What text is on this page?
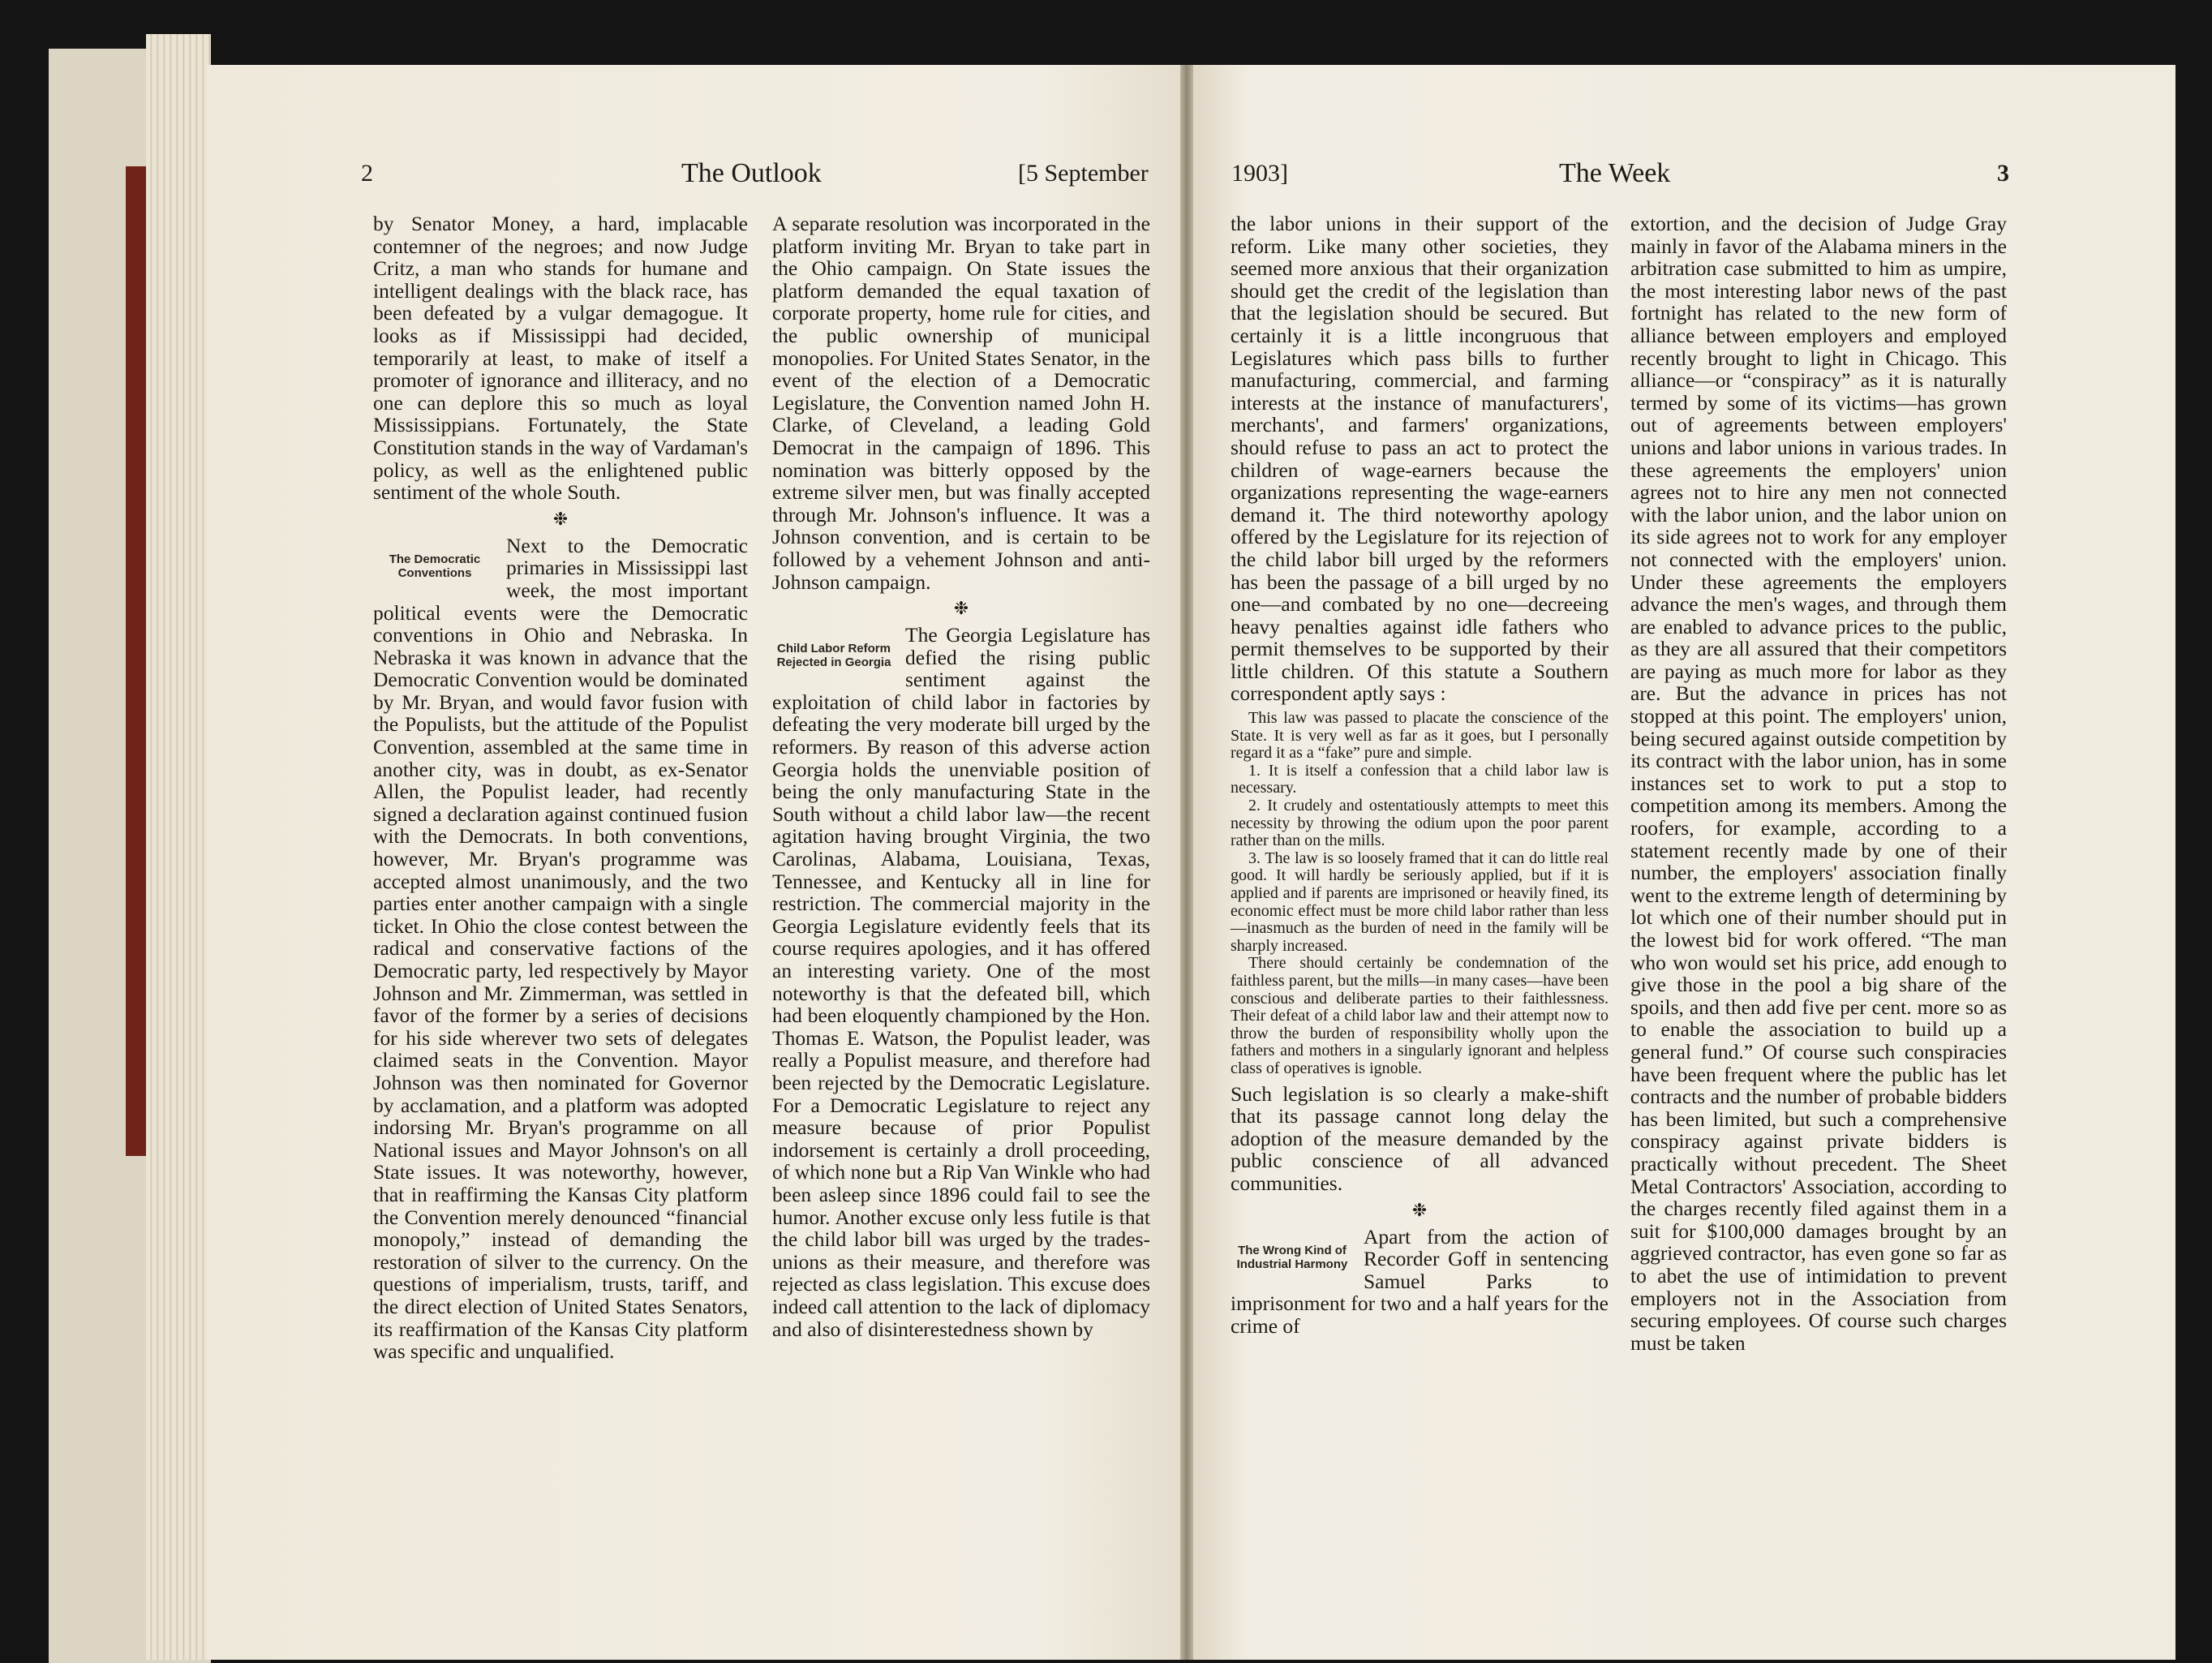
2	The Outlook	[5 September	1903]	The Week	3

by Senator Money, a hard, implacable contemner of the negroes; and now Judge Critz, a man who stands for humane and intelligent dealings with the black race, has been defeated by a vulgar demagogue. It looks as if Mississippi had decided, temporarily at least, to make of itself a promoter of ignorance and illiteracy, and no one can deplore this so much as loyal Mississippians. Fortunately, the State Constitution stands in the way of Vardaman's policy, as well as the enlightened public sentiment of the whole South.

❉
The Democratic Conventions

Next to the Democratic primaries in Mississippi last week, the most important political events were the Democratic conventions in Ohio and Nebraska. In Nebraska it was known in advance that the Democratic Convention would be dominated by Mr. Bryan, and would favor fusion with the Populists, but the attitude of the Populist Convention, assembled at the same time in another city, was in doubt, as ex-Senator Allen, the Populist leader, had recently signed a declaration against continued fusion with the Democrats. In both conventions, however, Mr. Bryan's programme was accepted almost unanimously, and the two parties enter another campaign with a single ticket. In Ohio the close contest between the radical and conservative factions of the Democratic party, led respectively by Mayor Johnson and Mr. Zimmerman, was settled in favor of the former by a series of decisions for his side wherever two sets of delegates claimed seats in the Convention. Mayor Johnson was then nominated for Governor by acclamation, and a platform was adopted indorsing Mr. Bryan's programme on all National issues and Mayor Johnson's on all State issues. It was noteworthy, however, that in reaffirming the Kansas City platform the Convention merely denounced “financial monopoly,” instead of demanding the restoration of silver to the currency. On the questions of imperialism, trusts, tariff, and the direct election of United States Senators, its reaffirmation of the Kansas City platform was specific and unqualified.

A separate resolution was incorporated in the platform inviting Mr. Bryan to take part in the Ohio campaign. On State issues the platform demanded the equal taxation of corporate property, home rule for cities, and the public ownership of municipal monopolies. For United States Senator, in the event of the election of a Democratic Legislature, the Convention named John H. Clarke, of Cleveland, a leading Gold Democrat in the campaign of 1896. This nomination was bitterly opposed by the extreme silver men, but was finally accepted through Mr. Johnson's influence. It was a Johnson convention, and is certain to be followed by a vehement Johnson and anti-Johnson campaign.

❉
Child Labor Reform Rejected in Georgia

The Georgia Legislature has defied the rising public sentiment against the exploitation of child labor in factories by defeating the very moderate bill urged by the reformers. By reason of this adverse action Georgia holds the unenviable position of being the only manufacturing State in the South without a child labor law—the recent agitation having brought Virginia, the two Carolinas, Alabama, Louisiana, Texas, Tennessee, and Kentucky all in line for restriction. The commercial majority in the Georgia Legislature evidently feels that its course requires apologies, and it has offered an interesting variety. One of the most noteworthy is that the defeated bill, which had been eloquently championed by the Hon. Thomas E. Watson, the Populist leader, was really a Populist measure, and therefore had been rejected by the Democratic Legislature. For a Democratic Legislature to reject any measure because of prior Populist indorsement is certainly a droll proceeding, of which none but a Rip Van Winkle who had been asleep since 1896 could fail to see the humor. Another excuse only less futile is that the child labor bill was urged by the trades-unions as their measure, and therefore was rejected as class legislation. This excuse does indeed call attention to the lack of diplomacy and also of disinterestedness shown by

the labor unions in their support of the reform. Like many other societies, they seemed more anxious that their organization should get the credit of the legislation than that the legislation should be secured. But certainly it is a little incongruous that Legislatures which pass bills to further manufacturing, commercial, and farming interests at the instance of manufacturers', merchants', and farmers' organizations, should refuse to pass an act to protect the children of wage-earners because the organizations representing the wage-earners demand it. The third noteworthy apology offered by the Legislature for its rejection of the child labor bill urged by the reformers has been the passage of a bill urged by no one—and combated by no one—decreeing heavy penalties against idle fathers who permit themselves to be supported by their little children. Of this statute a Southern correspondent aptly says :

This law was passed to placate the conscience of the State. It is very well as far as it goes, but I personally regard it as a “fake” pure and simple.

1. It is itself a confession that a child labor law is necessary.

2. It crudely and ostentatiously attempts to meet this necessity by throwing the odium upon the poor parent rather than on the mills.

3. The law is so loosely framed that it can do little real good. It will hardly be seriously applied, but if it is applied and if parents are imprisoned or heavily fined, its economic effect must be more child labor rather than less—inasmuch as the burden of need in the family will be sharply increased.

There should certainly be condemnation of the faithless parent, but the mills—in many cases—have been conscious and deliberate parties to their faithlessness. Their defeat of a child labor law and their attempt now to throw the burden of responsibility wholly upon the fathers and mothers in a singularly ignorant and helpless class of operatives is ignoble.

Such legislation is so clearly a make-shift that its passage cannot long delay the adoption of the measure demanded by the public conscience of all advanced communities.

❉
The Wrong Kind of Industrial Harmony

Apart from the action of Recorder Goff in sentencing Samuel Parks to imprisonment for two and a half years for the crime of

extortion, and the decision of Judge Gray mainly in favor of the Alabama miners in the arbitration case submitted to him as umpire, the most interesting labor news of the past fortnight has related to the new form of alliance between employers and employed recently brought to light in Chicago. This alliance—or “conspiracy” as it is naturally termed by some of its victims—has grown out of agreements between employers' unions and labor unions in various trades. In these agreements the employers' union agrees not to hire any men not connected with the labor union, and the labor union on its side agrees not to work for any employer not connected with the employers' union. Under these agreements the employers advance the men's wages, and through them are enabled to advance prices to the public, as they are all assured that their competitors are paying as much more for labor as they are. But the advance in prices has not stopped at this point. The employers' union, being secured against outside competition by its contract with the labor union, has in some instances set to work to put a stop to competition among its members. Among the roofers, for example, according to a statement recently made by one of their number, the employers' association finally went to the extreme length of determining by lot which one of their number should put in the lowest bid for work offered. “The man who won would set his price, add enough to give those in the pool a big share of the spoils, and then add five per cent. more so as to enable the association to build up a general fund.” Of course such conspiracies have been frequent where the public has let contracts and the number of probable bidders has been limited, but such a comprehensive conspiracy against private bidders is practically without precedent. The Sheet Metal Contractors' Association, according to the charges recently filed against them in a suit for $100,000 damages brought by an aggrieved contractor, has even gone so far as to abet the use of intimidation to prevent employers not in the Association from securing employees. Of course such charges must be taken
